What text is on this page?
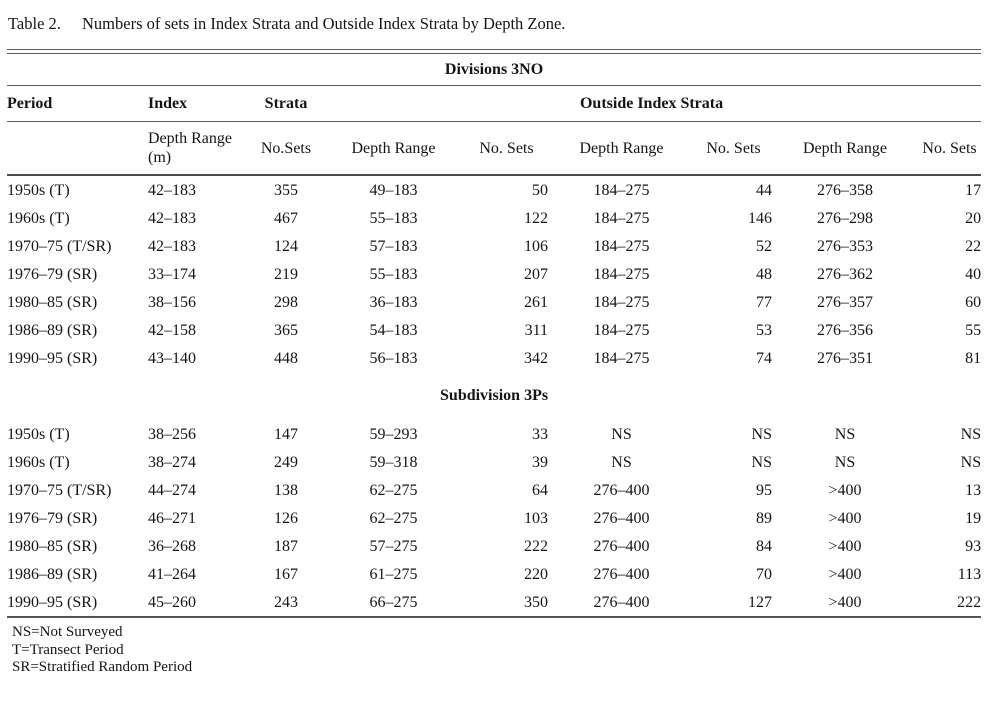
Table 2. Numbers of sets in Index Strata and Outside Index Strata by Depth Zone.
Divisions 3NO								
Period	Index	Strata	Outside Index Strata					
	Depth Range (m)	No.Sets	Depth Range	No. Sets	Depth Range	No. Sets	Depth Range	No. Sets
1950s (T)	42–183	355	49–183	50	184–275	44	276–358	17
1960s (T)	42–183	467	55–183	122	184–275	146	276–298	20
1970–75 (T/SR)	42–183	124	57–183	106	184–275	52	276–353	22
1976–79 (SR)	33–174	219	55–183	207	184–275	48	276–362	40
1980–85 (SR)	38–156	298	36–183	261	184–275	77	276–357	60
1986–89 (SR)	42–158	365	54–183	311	184–275	53	276–356	55
1990–95 (SR)	43–140	448	56–183	342	184–275	74	276–351	81
Subdivision 3Ps								
1950s (T)	38–256	147	59–293	33	NS	NS	NS	NS
1960s (T)	38–274	249	59–318	39	NS	NS	NS	NS
1970–75 (T/SR)	44–274	138	62–275	64	276–400	95	>400	13
1976–79 (SR)	46–271	126	62–275	103	276–400	89	>400	19
1980–85 (SR)	36–268	187	57–275	222	276–400	84	>400	93
1986–89 (SR)	41–264	167	61–275	220	276–400	70	>400	113
1990–95 (SR)	45–260	243	66–275	350	276–400	127	>400	222
NS=Not Surveyed
T=Transect Period
SR=Stratified Random Period
